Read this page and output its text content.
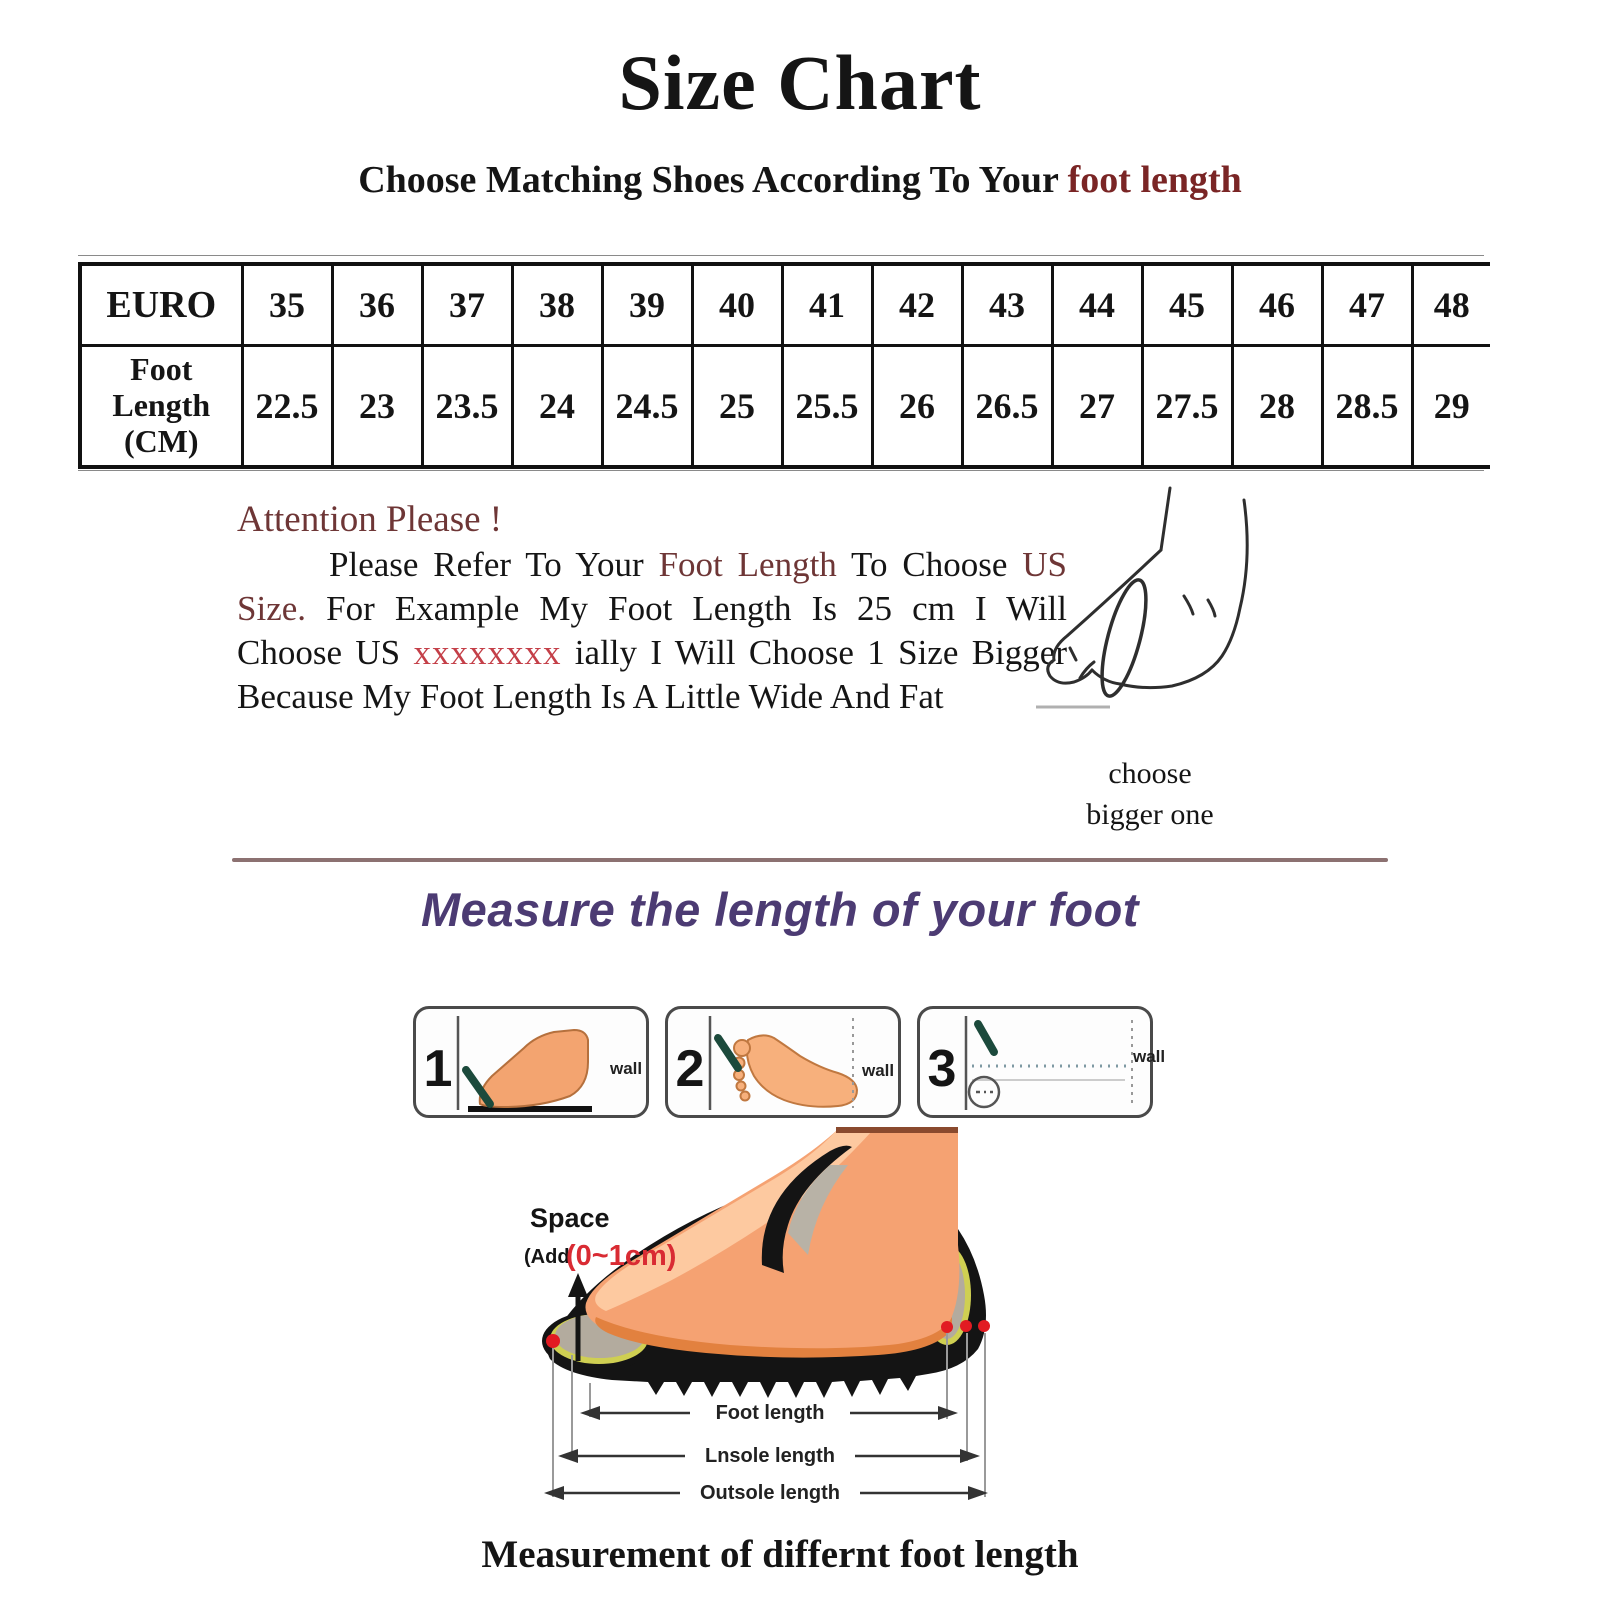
Size Chart
Choose Matching Shoes According To Your foot length
EURO	35	36	37	38	39	40	41	42	43	44	45	46	47	48

Foot
Length
(CM)	22.5	23	23.5	24	24.5	25	25.5	26	26.5	27	27.5	28	28.5	29
Attention Please !
Please Refer To Your Foot Length To Choose US Size. For Example My Foot Length Is 25 cm I Will Choose US xxxxxxxx ially I Will Choose 1 Size Bigger Because My Foot Length Is A Little Wide And Fat
choose
bigger one
Measure the length of your foot
1	wall 2	wall 3	wall
Space
(Add
(0~1cm)
Foot length
Lnsole length
Outsole length
Measurement of differnt foot length
